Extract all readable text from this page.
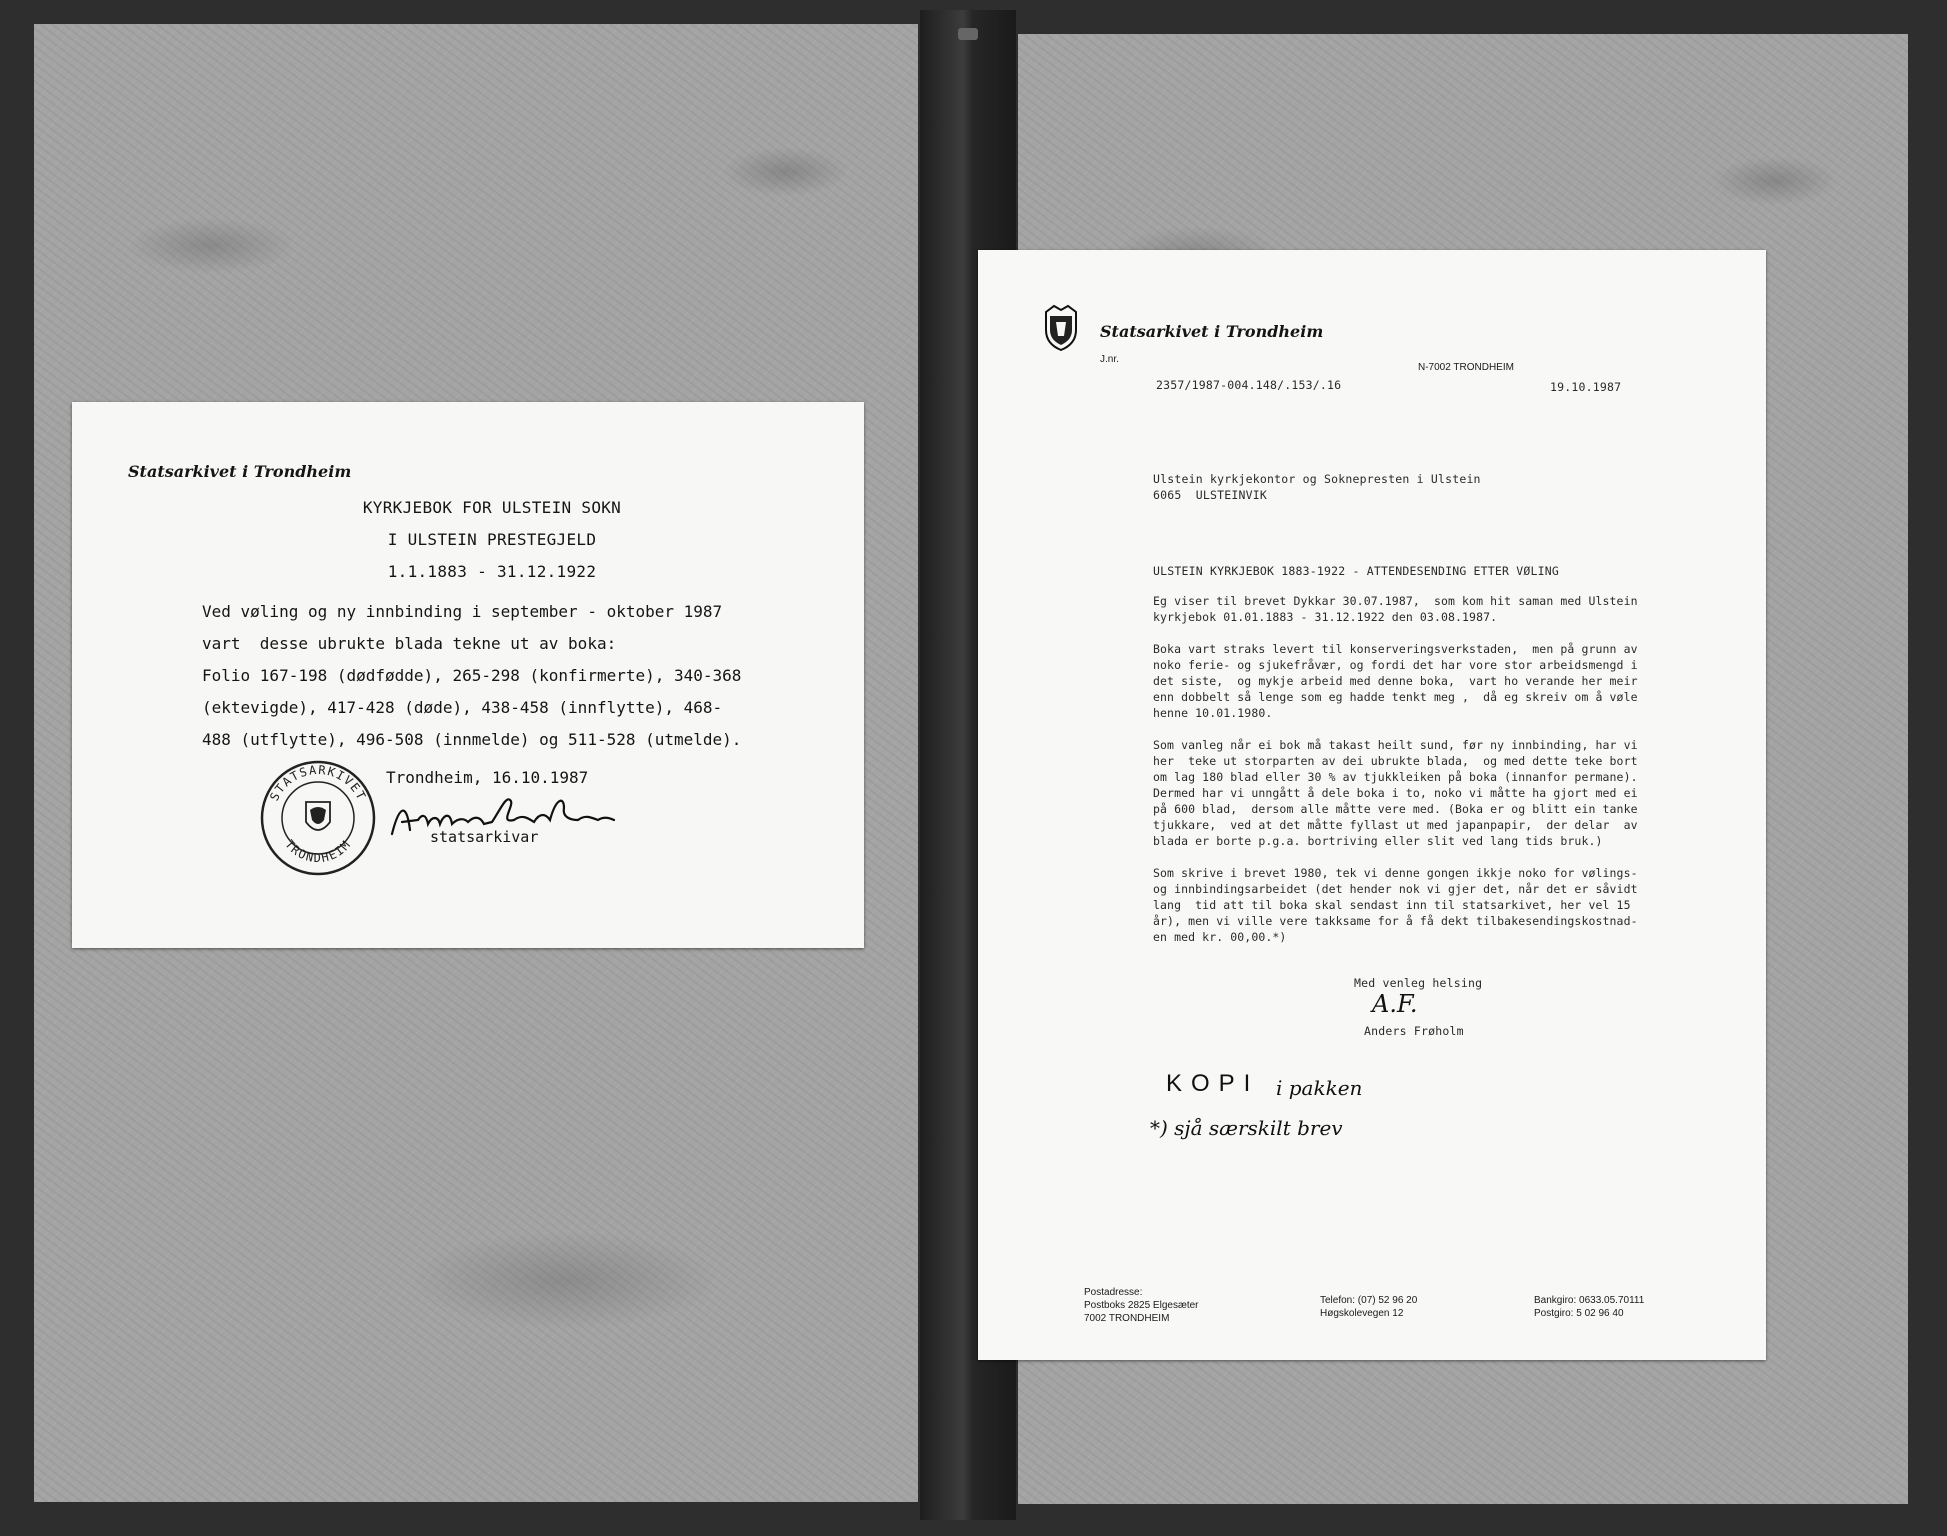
Statsarkivet i Trondheim
KYRKJEBOK FOR ULSTEIN SOKN
I ULSTEIN PRESTEGJELD
1.1.1883 - 31.12.1922
Ved vøling og ny innbinding i september - oktober 1987
vart  desse ubrukte blada tekne ut av boka:
Folio 167-198 (dødfødde), 265-298 (konfirmerte), 340-368
(ektevigde), 417-428 (døde), 438-458 (innflytte), 468-
488 (utflytte), 496-508 (innmelde) og 511-528 (utmelde).
STATSARKIVET
TRONDHEIM
Trondheim, 16.10.1987
statsarkivar
Statsarkivet i Trondheim
J.nr.
N-7002 TRONDHEIM
2357/1987-004.148/.153/.16	19.10.1987
Ulstein kyrkjekontor og Soknepresten i Ulstein
6065  ULSTEINVIK
ULSTEIN KYRKJEBOK 1883-1922 - ATTENDESENDING ETTER VØLING
Eg viser til brevet Dykkar 30.07.1987,  som kom hit saman med Ulstein
kyrkjebok 01.01.1883 - 31.12.1922 den 03.08.1987.
Boka vart straks levert til konserveringsverkstaden,  men på grunn av
noko ferie- og sjukefråvær, og fordi det har vore stor arbeidsmengd i
det siste,  og mykje arbeid med denne boka,  vart ho verande her meir
enn dobbelt så lenge som eg hadde tenkt meg ,  då eg skreiv om å vøle
henne 10.01.1980.
Som vanleg når ei bok må takast heilt sund, før ny innbinding, har vi
her  teke ut storparten av dei ubrukte blada,  og med dette teke bort
om lag 180 blad eller 30 % av tjukkleiken på boka (innanfor permane).
Dermed har vi unngått å dele boka i to, noko vi måtte ha gjort med ei
på 600 blad,  dersom alle måtte vere med. (Boka er og blitt ein tanke
tjukkare,  ved at det måtte fyllast ut med japanpapir,  der delar  av
blada er borte p.g.a. bortriving eller slit ved lang tids bruk.)
Som skrive i brevet 1980, tek vi denne gongen ikkje noko for vølings-
og innbindingsarbeidet (det hender nok vi gjer det, når det er såvidt
lang  tid att til boka skal sendast inn til statsarkivet, her vel 15
år), men vi ville vere takksame for å få dekt tilbakesendingskostnad-
en med kr. 00,00.*)
Med venleg helsing
A.F.
Anders Frøholm
KOPI i pakken
*) sjå særskilt brev
Postadresse:
Postboks 2825 Elgesæter
7002 TRONDHEIM
Telefon: (07) 52 96 20
Høgskolevegen 12
Bankgiro: 0633.05.70111
Postgiro: 5 02 96 40
